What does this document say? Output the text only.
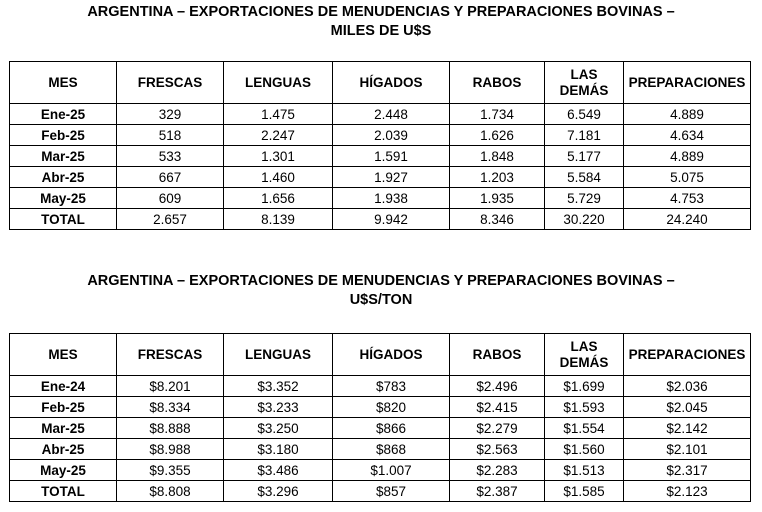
ARGENTINA – EXPORTACIONES DE MENUDENCIAS Y PREPARACIONES BOVINAS –
MILES DE U$S
MES	FRESCAS	LENGUAS	HÍGADOS	RABOS	LAS DEMÁS	PREPARACIONES
Ene-25	329	1.475	2.448	1.734	6.549	4.889
Feb-25	518	2.247	2.039	1.626	7.181	4.634
Mar-25	533	1.301	1.591	1.848	5.177	4.889
Abr-25	667	1.460	1.927	1.203	5.584	5.075
May-25	609	1.656	1.938	1.935	5.729	4.753
TOTAL	2.657	8.139	9.942	8.346	30.220	24.240
ARGENTINA – EXPORTACIONES DE MENUDENCIAS Y PREPARACIONES BOVINAS –
U$S/TON
MES	FRESCAS	LENGUAS	HÍGADOS	RABOS	LAS DEMÁS	PREPARACIONES
Ene-24	$8.201	$3.352	$783	$2.496	$1.699	$2.036
Feb-25	$8.334	$3.233	$820	$2.415	$1.593	$2.045
Mar-25	$8.888	$3.250	$866	$2.279	$1.554	$2.142
Abr-25	$8.988	$3.180	$868	$2.563	$1.560	$2.101
May-25	$9.355	$3.486	$1.007	$2.283	$1.513	$2.317
TOTAL	$8.808	$3.296	$857	$2.387	$1.585	$2.123
